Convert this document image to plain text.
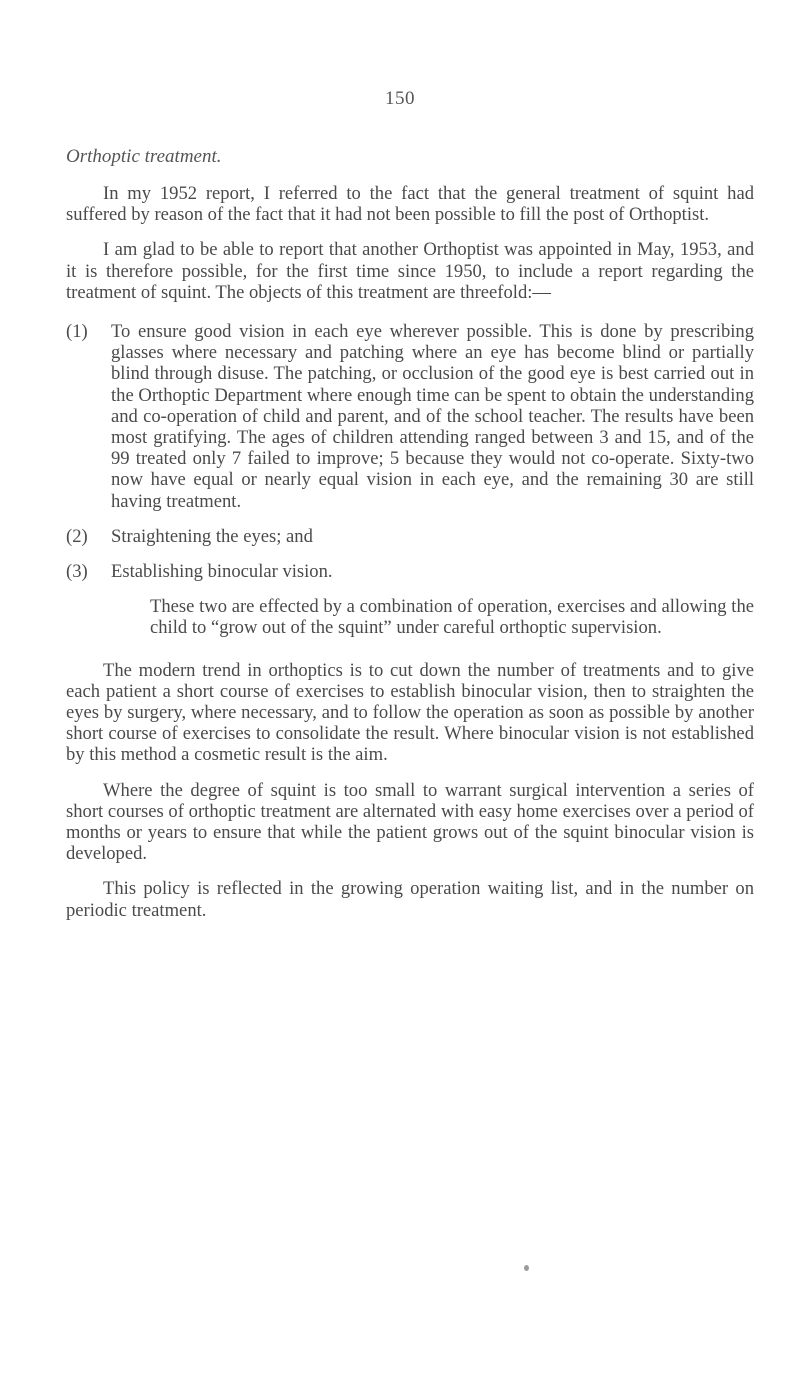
150
Orthoptic treatment.

In my 1952 report, I referred to the fact that the general treatment of squint had suffered by reason of the fact that it had not been possible to fill the post of Orthoptist.

I am glad to be able to report that another Orthoptist was appointed in May, 1953, and it is therefore possible, for the first time since 1950, to include a report regarding the treatment of squint. The objects of this treatment are threefold:—

(1)	To ensure good vision in each eye wherever possible. This is done by prescribing glasses where necessary and patching where an eye has become blind or partially blind through disuse. The patching, or occlusion of the good eye is best carried out in the Orthoptic Department where enough time can be spent to obtain the understanding and co-operation of child and parent, and of the school teacher. The results have been most gratifying. The ages of children attending ranged between 3 and 15, and of the 99 treated only 7 failed to improve; 5 because they would not co-operate. Sixty-two now have equal or nearly equal vision in each eye, and the remaining 30 are still having treatment.
(2)	Straightening the eyes; and
(3)	Establishing binocular vision.

These two are effected by a combination of operation, exercises and allowing the child to “grow out of the squint” under careful orthoptic supervision.

The modern trend in orthoptics is to cut down the number of treatments and to give each patient a short course of exercises to establish binocular vision, then to straighten the eyes by surgery, where necessary, and to follow the operation as soon as possible by another short course of exercises to consolidate the result. Where binocular vision is not established by this method a cosmetic result is the aim.

Where the degree of squint is too small to warrant surgical intervention a series of short courses of orthoptic treatment are alternated with easy home exercises over a period of months or years to ensure that while the patient grows out of the squint binocular vision is developed.

This policy is reflected in the growing operation waiting list, and in the number on periodic treatment.
